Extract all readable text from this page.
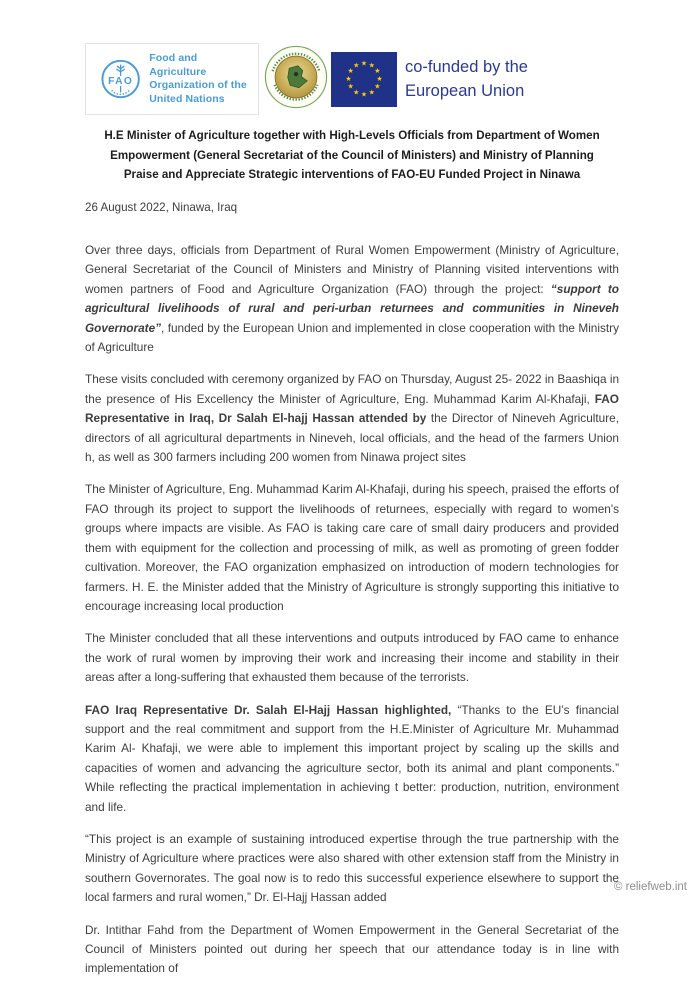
FAO
Food and Agriculture
Organization of the
United Nations
★ ★
★
★
★
★
★
★
★
★
★
★	co-funded by the
European Union
H.E Minister of Agriculture together with High-Levels Officials from Department of Women
Empowerment (General Secretariat of the Council of Ministers) and Ministry of Planning
Praise and Appreciate Strategic interventions of FAO-EU Funded Project in Ninawa

26 August 2022, Ninawa, Iraq

Over three days, officials from Department of Rural Women Empowerment (Ministry of Agriculture, General Secretariat of the Council of Ministers and Ministry of Planning visited interventions with women partners of Food and Agriculture Organization (FAO) through the project: “support to agricultural livelihoods of rural and peri-urban returnees and communities in Nineveh Governorate”, funded by the European Union and implemented in close cooperation with the Ministry of Agriculture

These visits concluded with ceremony organized by FAO on Thursday, August 25- 2022 in Baashiqa in the presence of His Excellency the Minister of Agriculture, Eng. Muhammad Karim Al-Khafaji, FAO Representative in Iraq, Dr Salah El-hajj Hassan attended by the Director of Nineveh Agriculture, directors of all agricultural departments in Nineveh, local officials, and the head of the farmers Union h, as well as 300 farmers including 200 women from Ninawa project sites

The Minister of Agriculture, Eng. Muhammad Karim Al-Khafaji, during his speech, praised the efforts of FAO through its project to support the livelihoods of returnees, especially with regard to women's groups where impacts are visible. As FAO is taking care care of small dairy producers and provided them with equipment for the collection and processing of milk, as well as promoting of green fodder cultivation. Moreover, the FAO organization emphasized on introduction of modern technologies for farmers. H. E. the Minister added that the Ministry of Agriculture is strongly supporting this initiative to encourage increasing local production

The Minister concluded that all these interventions and outputs introduced by FAO came to enhance the work of rural women by improving their work and increasing their income and stability in their areas after a long-suffering that exhausted them because of the terrorists.

FAO Iraq Representative Dr. Salah El-Hajj Hassan highlighted, “Thanks to the EU’s financial support and the real commitment and support from the H.E.Minister of Agriculture Mr. Muhammad Karim Al- Khafaji, we were able to implement this important project by scaling up the skills and capacities of women and advancing the agriculture sector, both its animal and plant components.” While reflecting the practical implementation in achieving t better: production, nutrition, environment and life.

“This project is an example of sustaining introduced expertise through the true partnership with the Ministry of Agriculture where practices were also shared with other extension staff from the Ministry in southern Governorates. The goal now is to redo this successful experience elsewhere to support the local farmers and rural women,” Dr. El-Hajj Hassan added

Dr. Intithar Fahd from the Department of Women Empowerment in the General Secretariat of the Council of Ministers pointed out during her speech that our attendance today is in line with implementation of

© reliefweb.int
